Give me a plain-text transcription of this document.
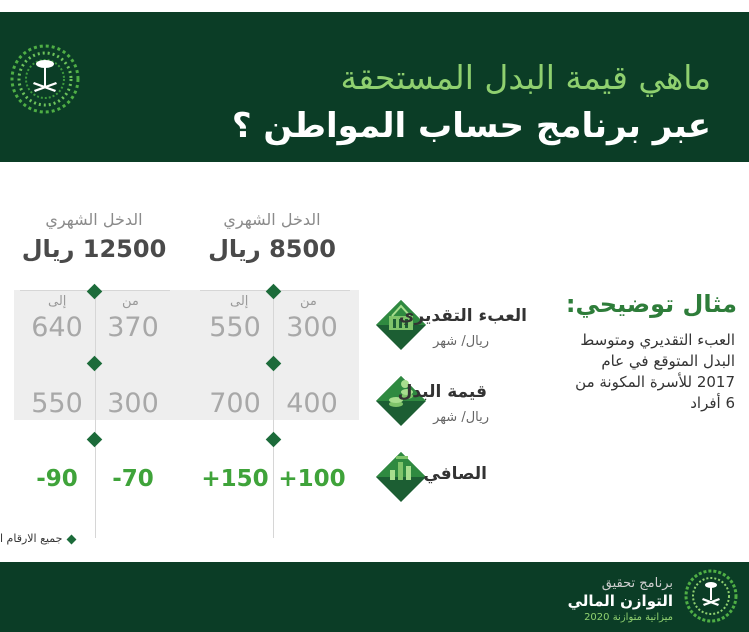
ماهي قيمة البدل المستحقة
عبر برنامج حساب المواطن ؟
الدخل الشهري
8500 ريال
الدخل الشهري
12500 ريال
من
إلى
من
إلى
300
550
370
640
400
700
300
550
+100
+150
-70
-90
العبء التقديري
ريال/ شهر
قيمة البدل
ريال/ شهر
الصافي
مثال توضيحي:
العبء التقديري ومتوسط البدل المتوقع في عام 2017 للأسرة المكونة من 6 أفراد
جميع الارقام ا
برنامج تحقيق
التوازن المالي
ميزانية متوازنة 2020
